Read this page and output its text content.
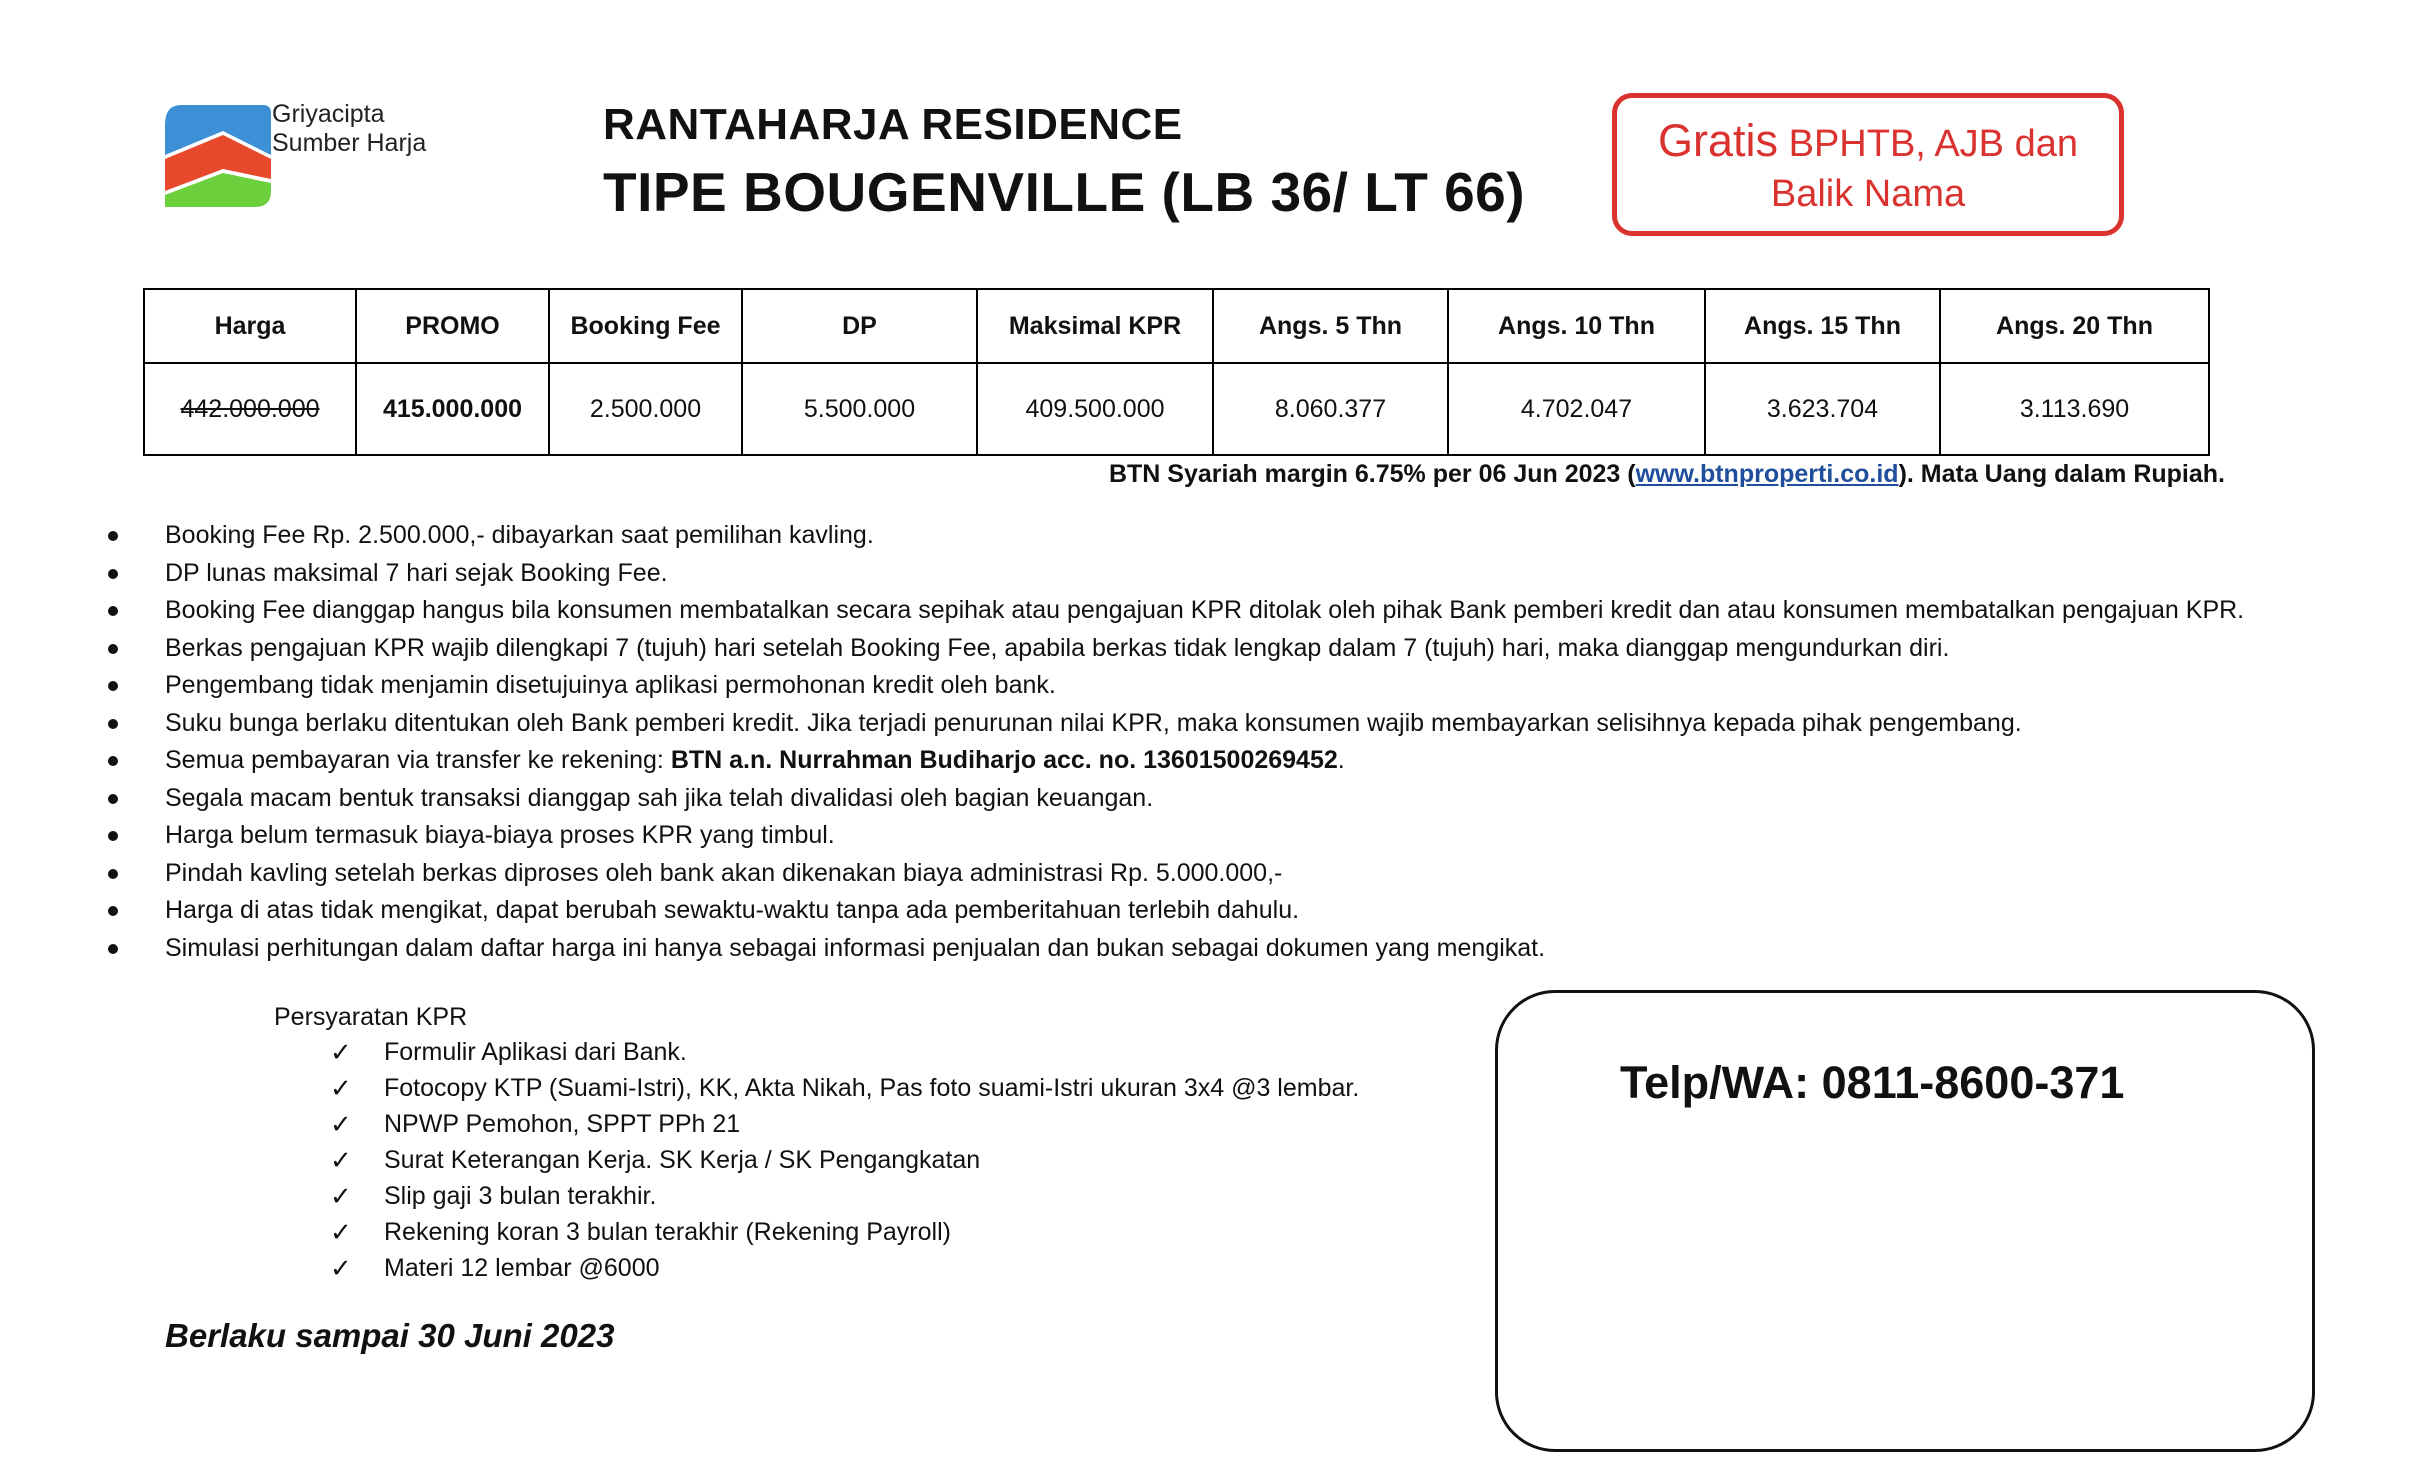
Griyacipta
Sumber Harja	RANTAHARJA RESIDENCE
TIPE BOUGENVILLE (LB 36/ LT 66)
Gratis BPHTB, AJB dan
Balik Nama
Harga	PROMO	Booking Fee	DP	Maksimal KPR	Angs. 5 Thn	Angs. 10 Thn	Angs. 15 Thn	Angs. 20 Thn
442.000.000	415.000.000	2.500.000	5.500.000	409.500.000	8.060.377	4.702.047	3.623.704	3.113.690
BTN Syariah margin 6.75% per 06 Jun 2023 (www.btnproperti.co.id). Mata Uang dalam Rupiah.
Booking Fee Rp. 2.500.000,- dibayarkan saat pemilihan kavling.
DP lunas maksimal 7 hari sejak Booking Fee.
Booking Fee dianggap hangus bila konsumen membatalkan secara sepihak atau pengajuan KPR ditolak oleh pihak Bank pemberi kredit dan atau konsumen membatalkan pengajuan KPR.
Berkas pengajuan KPR wajib dilengkapi 7 (tujuh) hari setelah Booking Fee, apabila berkas tidak lengkap dalam 7 (tujuh) hari, maka dianggap mengundurkan diri.
Pengembang tidak menjamin disetujuinya aplikasi permohonan kredit oleh bank.
Suku bunga berlaku ditentukan oleh Bank pemberi kredit. Jika terjadi penurunan nilai KPR, maka konsumen wajib membayarkan selisihnya kepada pihak pengembang.
Semua pembayaran via transfer ke rekening: BTN a.n. Nurrahman Budiharjo acc. no. 13601500269452.
Segala macam bentuk transaksi dianggap sah jika telah divalidasi oleh bagian keuangan.
Harga belum termasuk biaya-biaya proses KPR yang timbul.
Pindah kavling setelah berkas diproses oleh bank akan dikenakan biaya administrasi Rp. 5.000.000,-
Harga di atas tidak mengikat, dapat berubah sewaktu-waktu tanpa ada pemberitahuan terlebih dahulu.
Simulasi perhitungan dalam daftar harga ini hanya sebagai informasi penjualan dan bukan sebagai dokumen yang mengikat.
Persyaratan KPR
✓ Formulir Aplikasi dari Bank.
✓ Fotocopy KTP (Suami-Istri), KK, Akta Nikah, Pas foto suami-Istri ukuran 3x4 @3 lembar.
✓ NPWP Pemohon, SPPT PPh 21
✓ Surat Keterangan Kerja. SK Kerja / SK Pengangkatan
✓ Slip gaji 3 bulan terakhir.
✓ Rekening koran 3 bulan terakhir (Rekening Payroll)
✓ Materi 12 lembar @6000
Berlaku sampai 30 Juni 2023
Telp/WA: 0811-8600-371
